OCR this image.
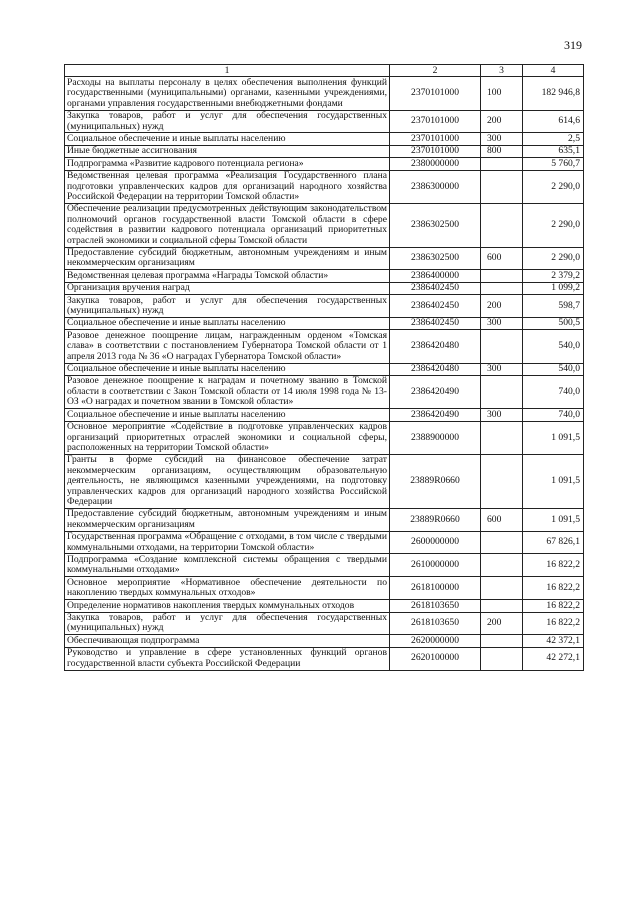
319
1	2	3	4
Расходы на выплаты персоналу в целях обеспечения выполнения функций государственными (муниципальными) органами, казенными учреждениями, органами управления государственными внебюджетными фондами	2370101000	100	182 946,8
Закупка товаров, работ и услуг для обеспечения государственных (муниципальных) нужд	2370101000	200	614,6
Социальное обеспечение и иные выплаты населению	2370101000	300	2,5
Иные бюджетные ассигнования	2370101000	800	635,1
Подпрограмма «Развитие кадрового потенциала региона»	2380000000		5 760,7
Ведомственная целевая программа «Реализация Государственного плана подготовки управленческих кадров для организаций народного хозяйства Российской Федерации на территории Томской области»	2386300000		2 290,0
Обеспечение реализации предусмотренных действующим законодательством полномочий органов государственной власти Томской области в сфере содействия в развитии кадрового потенциала организаций приоритетных отраслей экономики и социальной сферы Томской области	2386302500		2 290,0
Предоставление субсидий бюджетным, автономным учреждениям и иным некоммерческим организациям	2386302500	600	2 290,0
Ведомственная целевая программа «Награды Томской области»	2386400000		2 379,2
Организация вручения наград	2386402450		1 099,2
Закупка товаров, работ и услуг для обеспечения государственных (муниципальных) нужд	2386402450	200	598,7
Социальное обеспечение и иные выплаты населению	2386402450	300	500,5
Разовое денежное поощрение лицам, награжденным орденом «Томская слава» в соответствии с постановлением Губернатора Томской области от 1 апреля 2013 года № 36 «О наградах Губернатора Томской области»	2386420480		540,0
Социальное обеспечение и иные выплаты населению	2386420480	300	540,0
Разовое денежное поощрение к наградам и почетному званию в Томской области в соответствии с Закон Томской области от 14 июля 1998 года № 13-ОЗ «О наградах и почетном звании в Томской области»	2386420490		740,0
Социальное обеспечение и иные выплаты населению	2386420490	300	740,0
Основное мероприятие «Содействие в подготовке управленческих кадров организаций приоритетных отраслей экономики и социальной сферы, расположенных на территории Томской области»	2388900000		1 091,5
Гранты в форме субсидий на финансовое обеспечение затрат некоммерческим организациям, осуществляющим образовательную деятельность, не являющимся казенными учреждениями, на подготовку управленческих кадров для организаций народного хозяйства Российской Федерации	23889R0660		1 091,5
Предоставление субсидий бюджетным, автономным учреждениям и иным некоммерческим организациям	23889R0660	600	1 091,5
Государственная программа «Обращение с отходами, в том числе с твердыми коммунальными отходами, на территории Томской области»	2600000000		67 826,1
Подпрограмма «Создание комплексной системы обращения с твердыми коммунальными отходами»	2610000000		16 822,2
Основное мероприятие «Нормативное обеспечение деятельности по накоплению твердых коммунальных отходов»	2618100000		16 822,2
Определение нормативов накопления твердых коммунальных отходов	2618103650		16 822,2
Закупка товаров, работ и услуг для обеспечения государственных (муниципальных) нужд	2618103650	200	16 822,2
Обеспечивающая подпрограмма	2620000000		42 372,1
Руководство и управление в сфере установленных функций органов государственной власти субъекта Российской Федерации	2620100000		42 272,1
